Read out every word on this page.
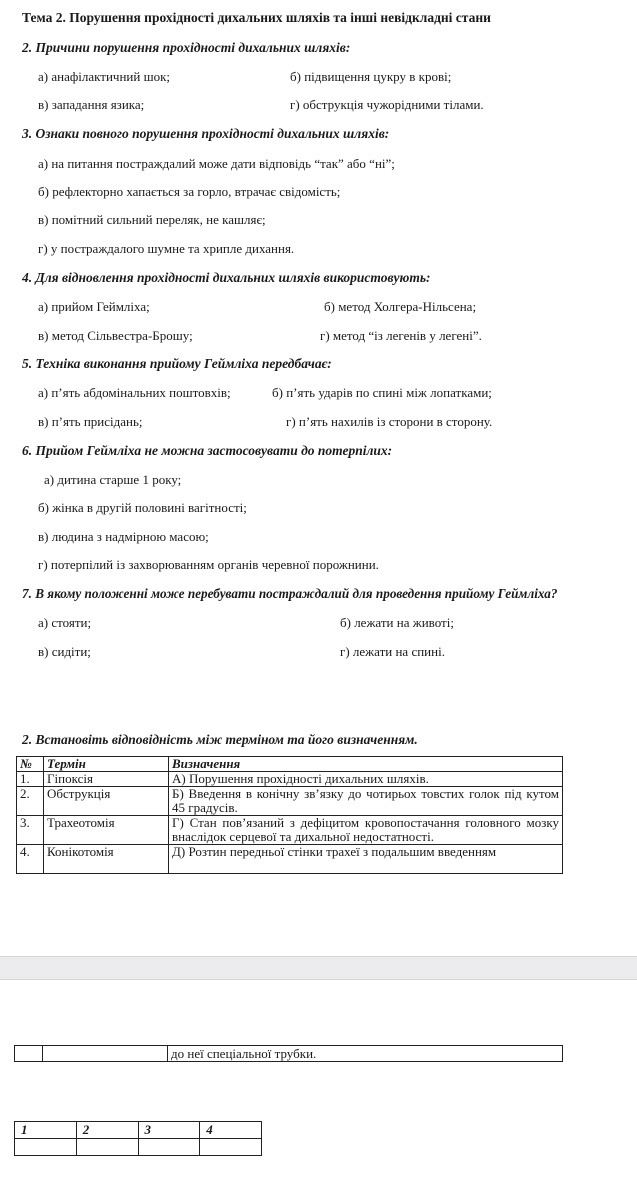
Тема 2. Порушення прохідності дихальних шляхів та інші невідкладні стани
2. Причини порушення прохідності дихальних шляхів:
а) анафілактичний шок;	б) підвищення цукру в крові;
в) западання язика;	г) обструкція чужорідними тілами.
3. Ознаки повного порушення прохідності дихальних шляхів:
а) на питання постраждалий може дати відповідь “так” або “ні”;
б) рефлекторно хапається за горло, втрачає свідомість;
в) помітний сильний переляк, не кашляє;
г) у постраждалого шумне та хрипле дихання.
4. Для відновлення прохідності дихальних шляхів використовують:
а) прийом Геймліха;	б) метод Холгера-Нільсена;
в) метод Сільвестра-Брошу;	г) метод “із легенів у легені”.
5. Техніка виконання прийому Геймліха передбачає:
а) п’ять абдомінальних поштовхів;	б) п’ять ударів по спині між лопатками;
в) п’ять присідань;	г) п’ять нахилів із сторони в сторону.
6. Прийом Геймліха не можна застосовувати до потерпілих:
а) дитина старше 1 року;
б) жінка в другій половині вагітності;
в) людина з надмірною масою;
г) потерпілий із захворюванням органів черевної порожнини.
7. В якому положенні може перебувати постраждалий для проведення прийому Геймліха?
а) стояти;	б) лежати на животі;
в) сидіти;	г) лежати на спині.
2. Встановіть відповідність між терміном та його визначенням.
№	Термін	Визначення
1.	Гіпоксія	А) Порушення прохідності дихальних шляхів.
2.	Обструкція	Б) Введення в конічну зв’язку до чотирьох товстих голок під кутом 45 градусів.
3.	Трахеотомія	Г) Стан пов’язаний з дефіцитом кровопостачання головного мозку внаслідок серцевої та дихальної недостатності.
4.	Конікотомія	Д) Розтин передньої стінки трахеї з подальшим введенням
		до неї спеціальної трубки.
1	2	3	4
